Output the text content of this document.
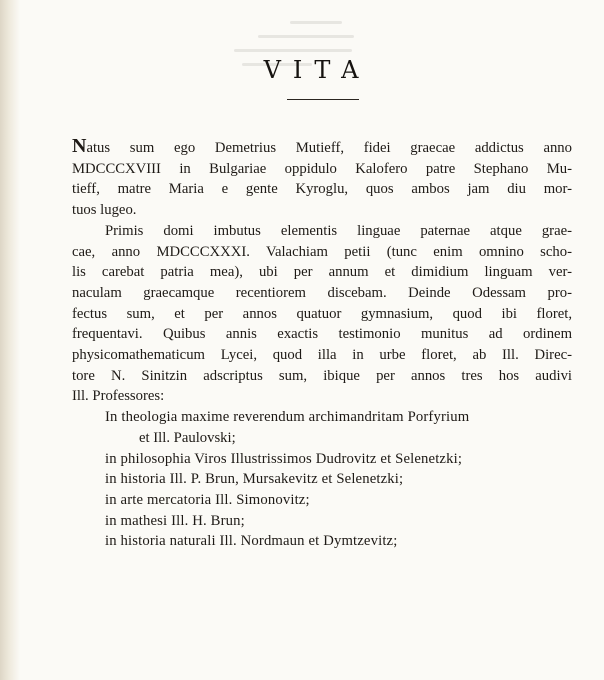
VITA
Natus sum ego Demetrius Mutieff, fidei graecae addictus anno
MDCCCXVIII in Bulgariae oppidulo Kalofero patre Stephano Mu-
tieff, matre Maria e gente Kyroglu, quos ambos jam diu mor-
tuos lugeo.
Primis domi imbutus elementis linguae paternae atque grae-
cae, anno MDCCCXXXI. Valachiam petii (tunc enim omnino scho-
lis carebat patria mea), ubi per annum et dimidium linguam ver-
naculam graecamque recentiorem discebam. Deinde Odessam pro-
fectus sum, et per annos quatuor gymnasium, quod ibi floret,
frequentavi. Quibus annis exactis testimonio munitus ad ordinem
physicomathematicum Lycei, quod illa in urbe floret, ab Ill. Direc-
tore N. Sinitzin adscriptus sum, ibique per annos tres hos audivi
Ill. Professores:
In theologia maxime reverendum archimandritam Porfyrium
et Ill. Paulovski;
in philosophia Viros Illustrissimos Dudrovitz et Selenetzki;
in historia Ill. P. Brun, Mursakevitz et Selenetzki;
in arte mercatoria Ill. Simonovitz;
in mathesi Ill. H. Brun;
in historia naturali Ill. Nordmaun et Dymtzevitz;
